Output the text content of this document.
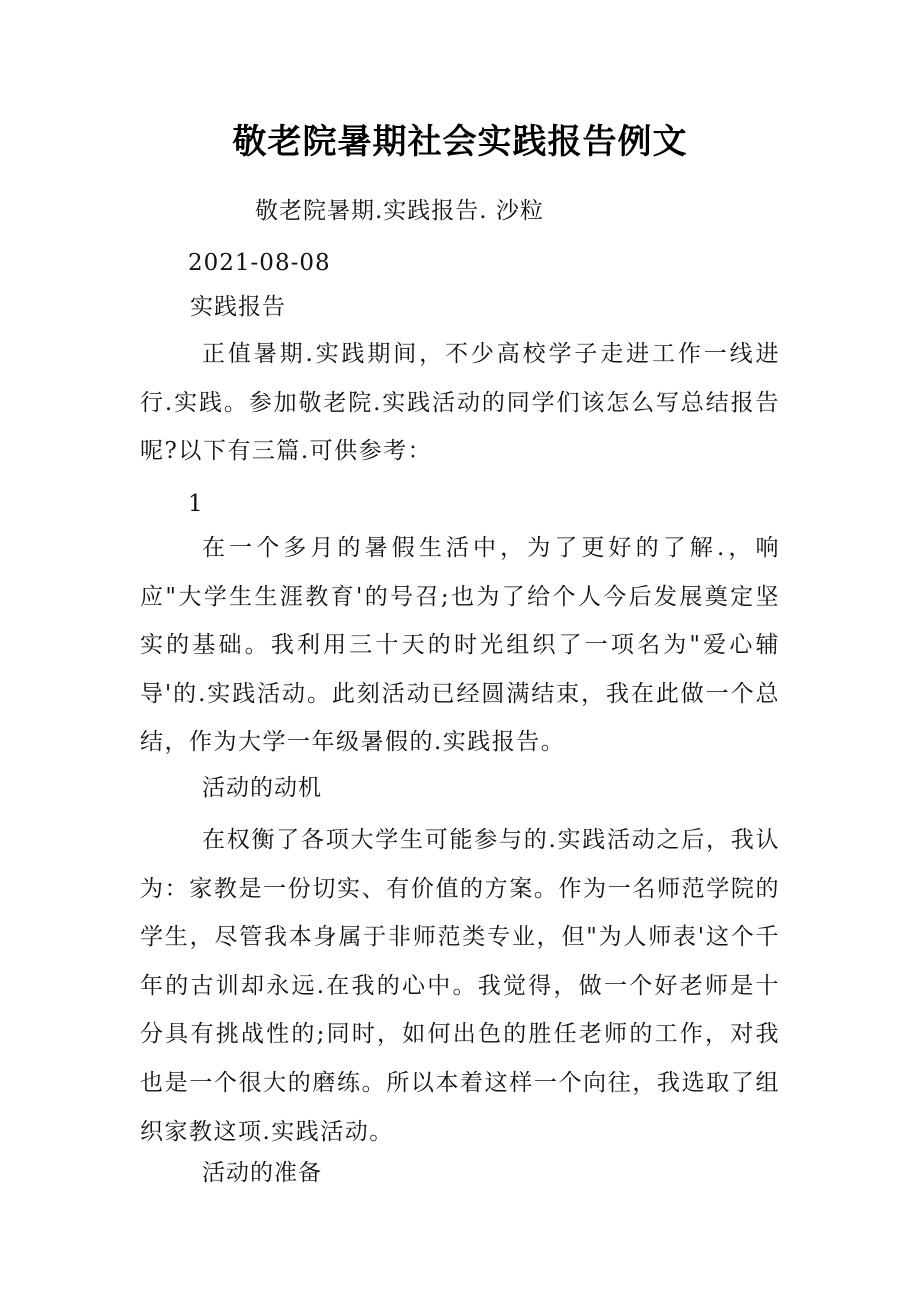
敬老院暑期社会实践报告例文
敬老院暑期.实践报告. 沙粒
2021-08-08
实践报告
正值暑期.实践期间，不少高校学子走进工作一线进行.实践。参加敬老院.实践活动的同学们该怎么写总结报告呢?以下有三篇.可供参考：
1
在一个多月的暑假生活中，为了更好的了解.，响应"大学生生涯教育'的号召;也为了给个人今后发展奠定坚实的基础。我利用三十天的时光组织了一项名为"爱心辅导'的.实践活动。此刻活动已经圆满结束，我在此做一个总结，作为大学一年级暑假的.实践报告。
活动的动机
在权衡了各项大学生可能参与的.实践活动之后，我认为：家教是一份切实、有价值的方案。作为一名师范学院的学生，尽管我本身属于非师范类专业，但"为人师表'这个千年的古训却永远.在我的心中。我觉得，做一个好老师是十分具有挑战性的;同时，如何出色的胜任老师的工作，对我也是一个很大的磨练。所以本着这样一个向往，我选取了组织家教这项.实践活动。
活动的准备
